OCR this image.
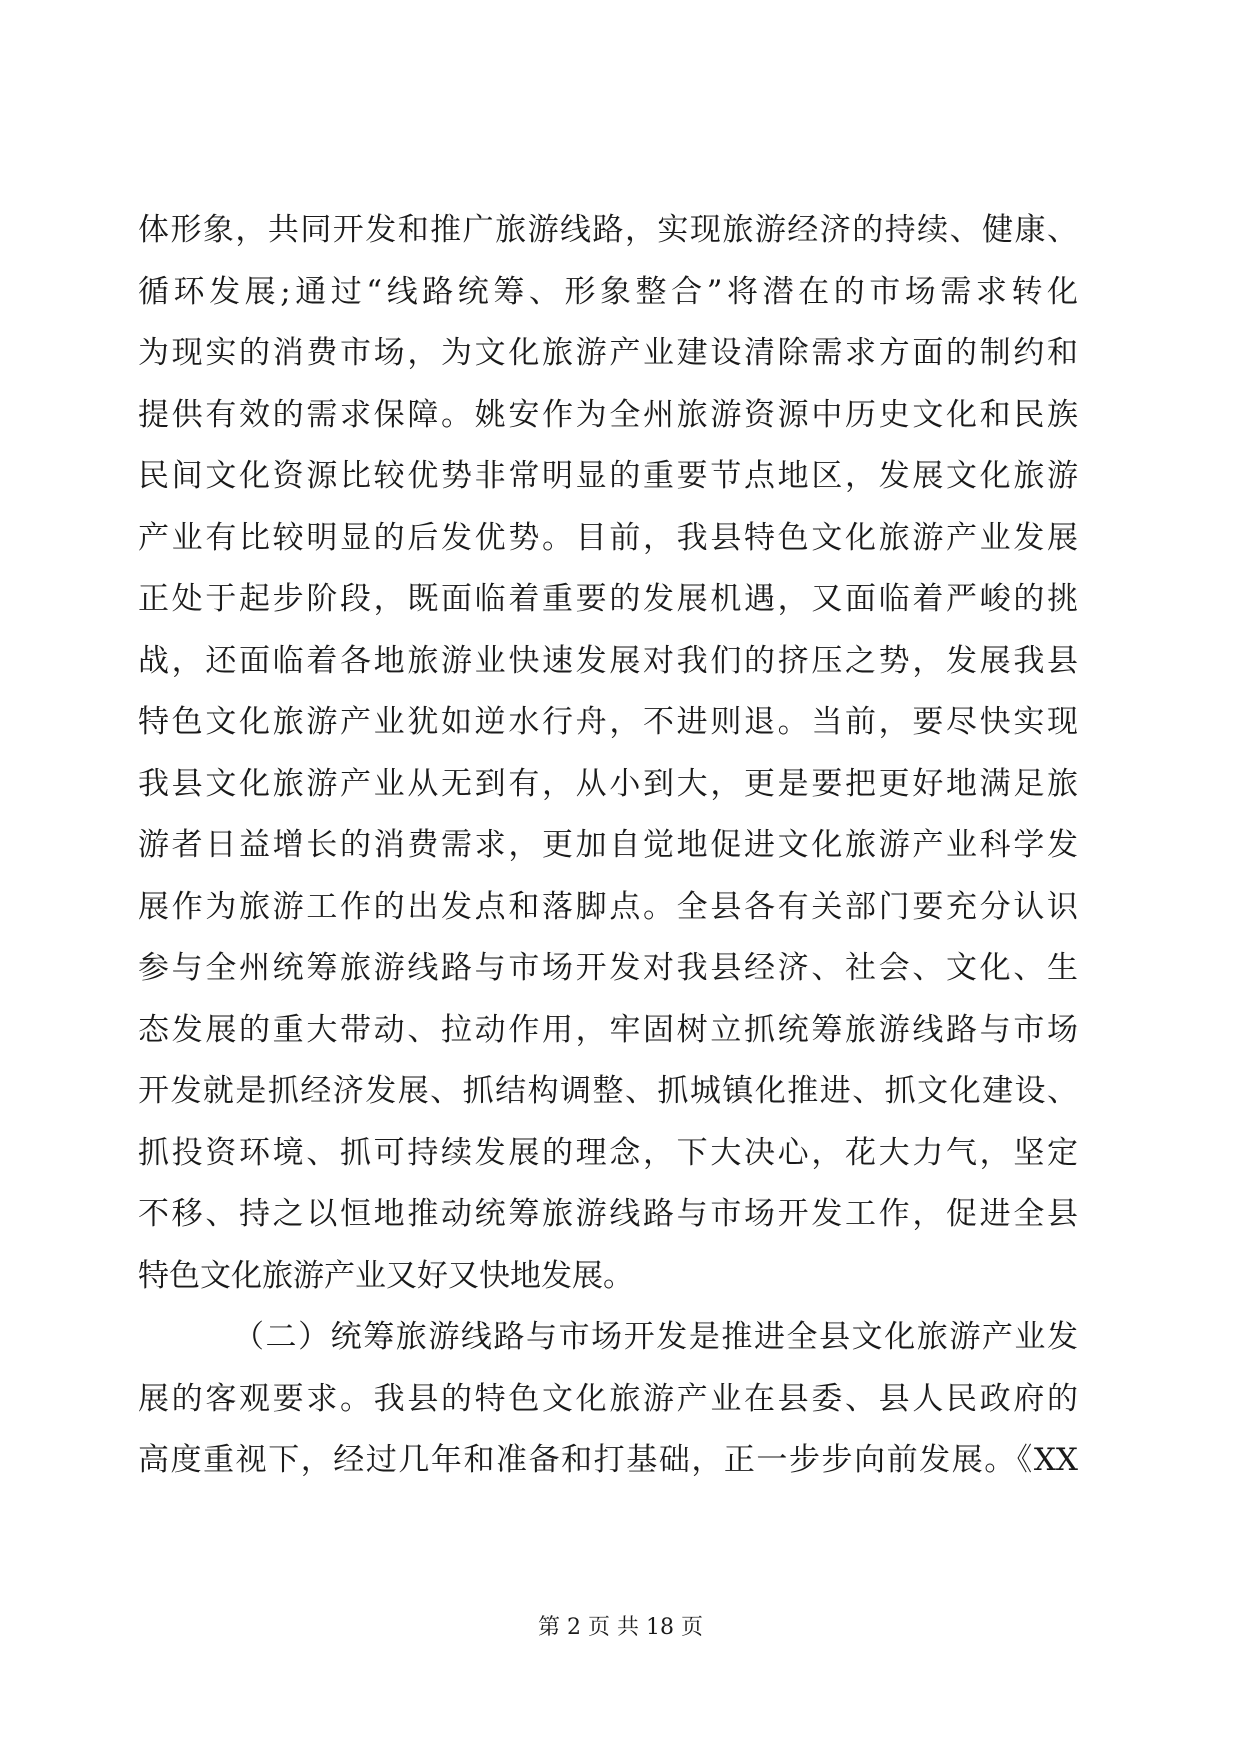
体形象，共同开发和推广旅游线路，实现旅游经济的持续、健康、
循环发展;通过“线路统筹、形象整合”将潜在的市场需求转化
为现实的消费市场，为文化旅游产业建设清除需求方面的制约和
提供有效的需求保障。姚安作为全州旅游资源中历史文化和民族
民间文化资源比较优势非常明显的重要节点地区，发展文化旅游
产业有比较明显的后发优势。目前，我县特色文化旅游产业发展
正处于起步阶段，既面临着重要的发展机遇，又面临着严峻的挑
战，还面临着各地旅游业快速发展对我们的挤压之势，发展我县
特色文化旅游产业犹如逆水行舟，不进则退。当前，要尽快实现
我县文化旅游产业从无到有，从小到大，更是要把更好地满足旅
游者日益增长的消费需求，更加自觉地促进文化旅游产业科学发
展作为旅游工作的出发点和落脚点。全县各有关部门要充分认识
参与全州统筹旅游线路与市场开发对我县经济、社会、文化、生
态发展的重大带动、拉动作用，牢固树立抓统筹旅游线路与市场
开发就是抓经济发展、抓结构调整、抓城镇化推进、抓文化建设、
抓投资环境、抓可持续发展的理念，下大决心，花大力气，坚定
不移、持之以恒地推动统筹旅游线路与市场开发工作，促进全县
特色文化旅游产业又好又快地发展。
（二）统筹旅游线路与市场开发是推进全县文化旅游产业发
展的客观要求。我县的特色文化旅游产业在县委、县人民政府的
高度重视下，经过几年和准备和打基础，正一步步向前发展。《XX
第 2 页 共 18 页
